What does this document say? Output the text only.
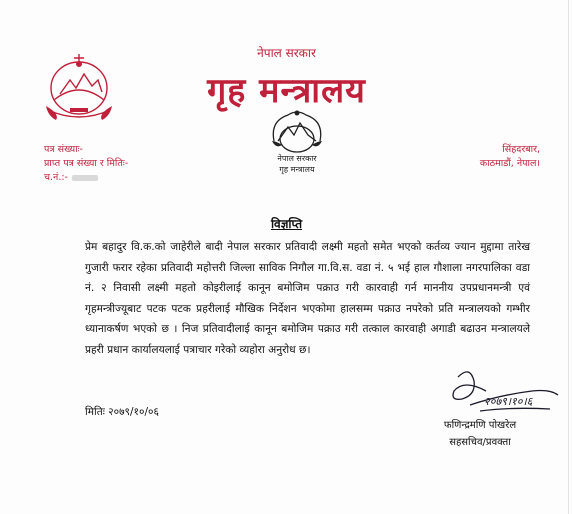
नेपाल सरकार
गृह मन्त्रालय
नेपाल सरकार
गृह मन्त्रालय
पत्र संख्याः-
प्राप्त पत्र संख्या र मितिः-
च.नं.:-
सिंहदरबार,
काठमाडौं, नेपाल।
विज्ञप्ति
प्रेम बहादुर वि.क.को जाहेरीले बादी नेपाल सरकार प्रतिवादी लक्ष्मी महतो समेत भएको कर्तव्य ज्यान मुद्दामा तारेख गुजारी फरार रहेका प्रतिवादी महोत्तरी जिल्ला साविक निगौल गा.वि.स. वडा नं. ५ भई हाल गौशाला नगरपालिका वडा नं. २ निवासी लक्ष्मी महतो कोइरीलाई कानून बमोजिम पक्राउ गरी कारवाही गर्न माननीय उपप्रधानमन्त्री एवं गृहमन्त्रीज्यूबाट पटक पटक प्रहरीलाई मौखिक निर्देशन भएकोमा हालसम्म पक्राउ नपरेको प्रति मन्त्रालयको गम्भीर ध्यानाकर्षण भएको छ । निज प्रतिवादीलाई कानून बमोजिम पक्राउ गरी तत्काल कारवाही अगाडी बढाउन मन्त्रालयले प्रहरी प्रधान कार्यालयलाई पत्राचार गरेको व्यहोरा अनुरोध छ।
मितिः २०७९/१०/०६
२०७९।१०।६
फणिन्द्रमणि पोखरेल
सहसचिव/प्रवक्ता
